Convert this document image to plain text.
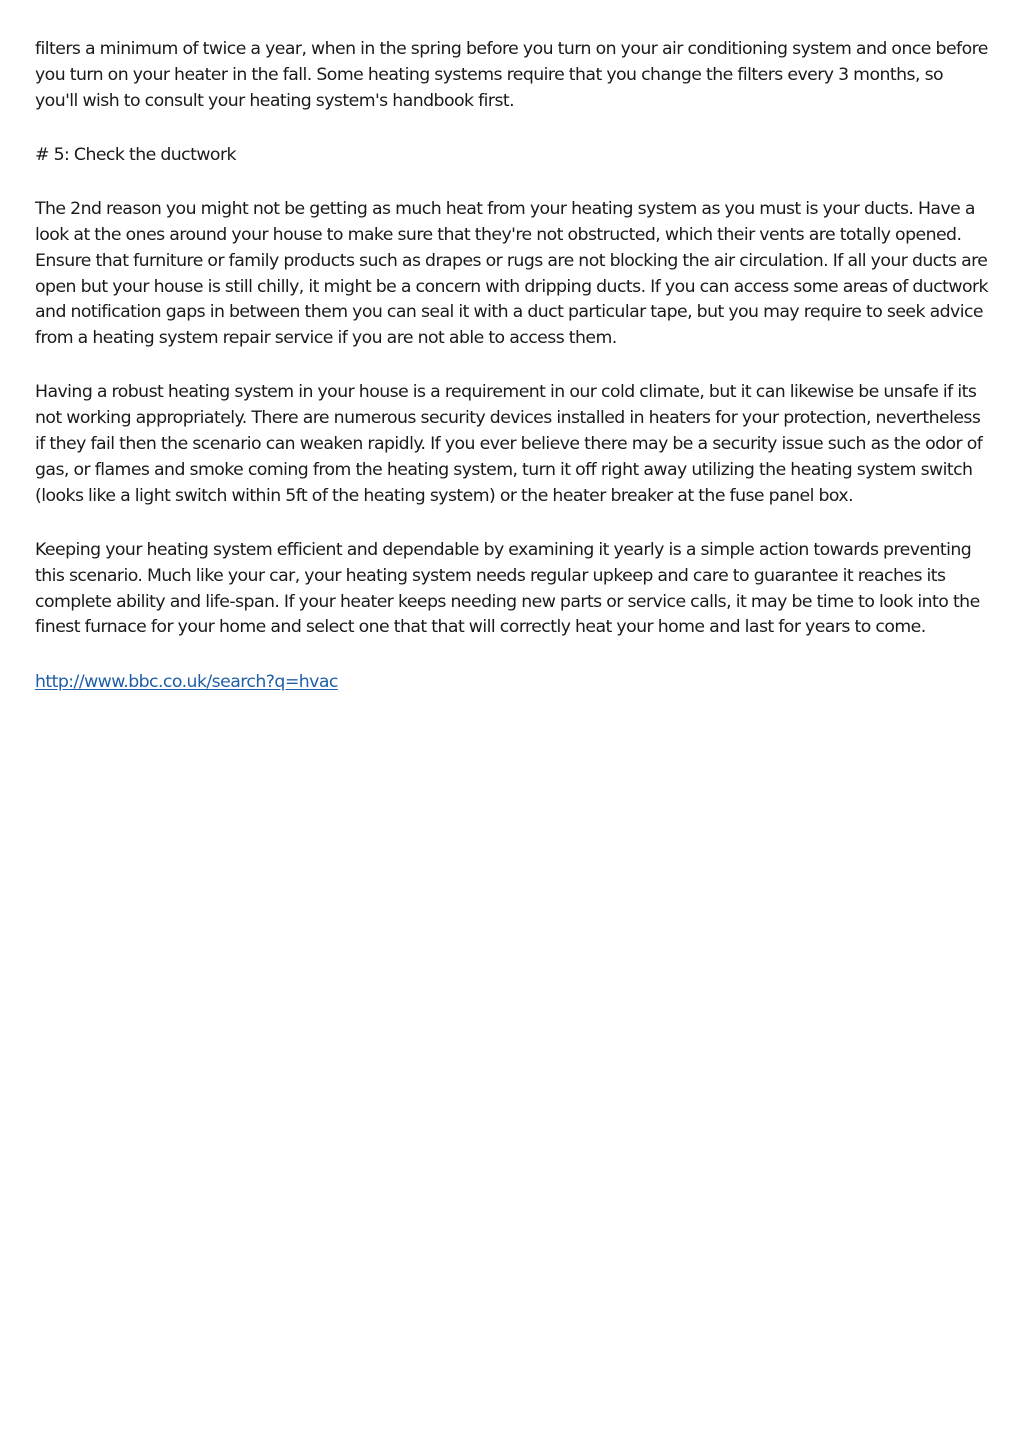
filters a minimum of twice a year, when in the spring before you turn on your air conditioning system and once before you turn on your heater in the fall. Some heating systems require that you change the filters every 3 months, so you'll wish to consult your heating system's handbook first.

# 5: Check the ductwork

The 2nd reason you might not be getting as much heat from your heating system as you must is your ducts. Have a look at the ones around your house to make sure that they're not obstructed, which their vents are totally opened. Ensure that furniture or family products such as drapes or rugs are not blocking the air circulation. If all your ducts are open but your house is still chilly, it might be a concern with dripping ducts. If you can access some areas of ductwork and notification gaps in between them you can seal it with a duct particular tape, but you may require to seek advice from a heating system repair service if you are not able to access them.

Having a robust heating system in your house is a requirement in our cold climate, but it can likewise be unsafe if its not working appropriately. There are numerous security devices installed in heaters for your protection, nevertheless if they fail then the scenario can weaken rapidly. If you ever believe there may be a security issue such as the odor of gas, or flames and smoke coming from the heating system, turn it off right away utilizing the heating system switch (looks like a light switch within 5ft of the heating system) or the heater breaker at the fuse panel box.

Keeping your heating system efficient and dependable by examining it yearly is a simple action towards preventing this scenario. Much like your car, your heating system needs regular upkeep and care to guarantee it reaches its complete ability and life-span. If your heater keeps needing new parts or service calls, it may be time to look into the finest furnace for your home and select one that that will correctly heat your home and last for years to come.

http://www.bbc.co.uk/search?q=hvac
